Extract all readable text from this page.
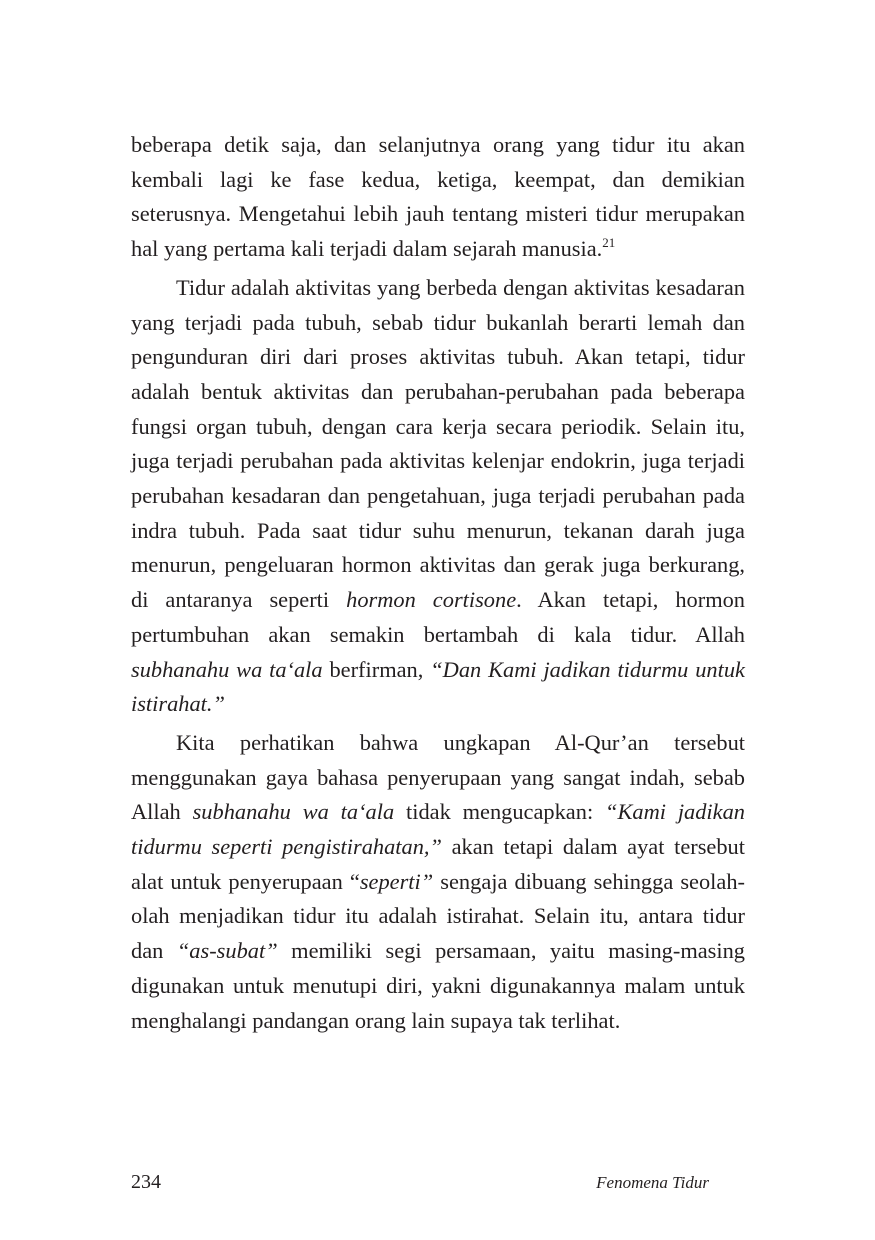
beberapa detik saja, dan selanjutnya orang yang tidur itu akan kembali lagi ke fase kedua, ketiga, keempat, dan demikian seterusnya. Mengetahui lebih jauh tentang misteri tidur merupakan hal yang pertama kali terjadi dalam sejarah manusia.$^{21}$

Tidur adalah aktivitas yang berbeda dengan aktivitas kesadaran yang terjadi pada tubuh, sebab tidur bukanlah berarti lemah dan pengunduran diri dari proses aktivitas tubuh. Akan tetapi, tidur adalah bentuk aktivitas dan perubahan-perubahan pada beberapa fungsi organ tubuh, dengan cara kerja secara periodik. Selain itu, juga terjadi perubahan pada aktivitas kelenjar endokrin, juga terjadi perubahan kesadaran dan pengetahuan, juga terjadi perubahan pada indra tubuh. Pada saat tidur suhu menurun, tekanan darah juga menurun, pengeluaran hormon aktivitas dan gerak juga berkurang, di antaranya seperti hormon cortisone. Akan tetapi, hormon pertumbuhan akan semakin bertambah di kala tidur. Allah subhanahu wa ta‘ala berfirman, “Dan Kami jadikan tidurmu untuk istirahat.”

Kita perhatikan bahwa ungkapan Al-Qur’an tersebut menggunakan gaya bahasa penyerupaan yang sangat indah, sebab Allah subhanahu wa ta‘ala tidak mengucapkan: “Kami jadikan tidurmu seperti pengistirahatan,” akan tetapi dalam ayat tersebut alat untuk penyerupaan “seperti” sengaja dibuang sehingga seolah-olah menjadikan tidur itu adalah istirahat. Selain itu, antara tidur dan “as-subat” memiliki segi persamaan, yaitu masing-masing digunakan untuk menutupi diri, yakni digunakannya malam untuk menghalangi pandangan orang lain supaya tak terlihat.

234	Fenomena Tidur
